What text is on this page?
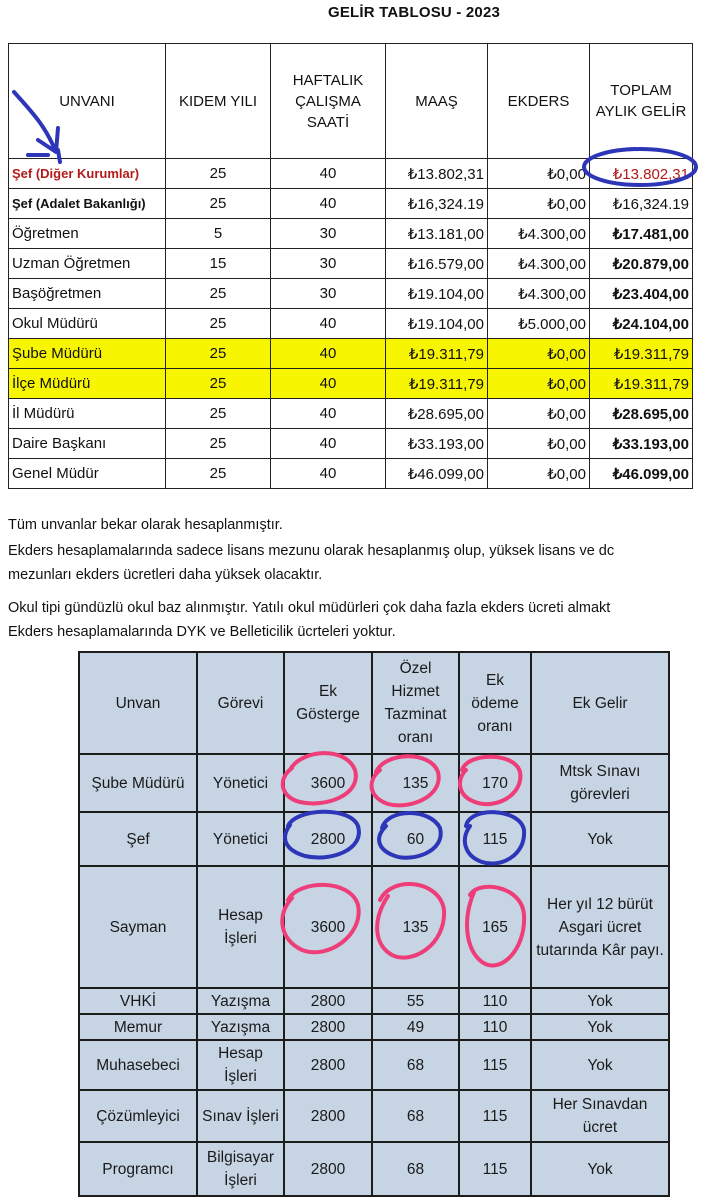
GELİR TABLOSU - 2023
UNVANI	KIDEM YILI	HAFTALIK ÇALIŞMA SAATİ	MAAŞ	EKDERS	TOPLAM AYLIK GELİR
Şef (Diğer Kurumlar)	25	40	₺13.802,31	₺0,00	₺13.802,31
Şef (Adalet Bakanlığı)	25	40	₺16,324.19	₺0,00	₺16,324.19
Öğretmen	5	30	₺13.181,00	₺4.300,00	₺17.481,00
Uzman Öğretmen	15	30	₺16.579,00	₺4.300,00	₺20.879,00
Başöğretmen	25	30	₺19.104,00	₺4.300,00	₺23.404,00
Okul Müdürü	25	40	₺19.104,00	₺5.000,00	₺24.104,00
Şube Müdürü	25	40	₺19.311,79	₺0,00	₺19.311,79
İlçe Müdürü	25	40	₺19.311,79	₺0,00	₺19.311,79
İl Müdürü	25	40	₺28.695,00	₺0,00	₺28.695,00
Daire Başkanı	25	40	₺33.193,00	₺0,00	₺33.193,00
Genel Müdür	25	40	₺46.099,00	₺0,00	₺46.099,00
Tüm unvanlar bekar olarak hesaplanmıştır.
Ekders hesaplamalarında sadece lisans mezunu olarak hesaplanmış olup, yüksek lisans ve dc
mezunları ekders ücretleri daha yüksek olacaktır.
Okul tipi gündüzlü okul baz alınmıştır. Yatılı okul müdürleri çok daha fazla ekders ücreti almakt
Ekders hesaplamalarında DYK ve Belleticilik ücrteleri yoktur.
Unvan	Görevi	Ek Gösterge	Özel Hizmet Tazminat oranı	Ek ödeme oranı	Ek Gelir
Şube Müdürü	Yönetici	3600	135	170	Mtsk Sınavı görevleri
Şef	Yönetici	2800	60	115	Yok
Sayman	Hesap İşleri	3600	135	165	Her yıl 12 bürüt Asgari ücret tutarında Kâr payı.
VHKİ	Yazışma	2800	55	110	Yok
Memur	Yazışma	2800	49	110	Yok
Muhasebeci	Hesap İşleri	2800	68	115	Yok
Çözümleyici	Sınav İşleri	2800	68	115	Her Sınavdan ücret
Programcı	Bilgisayar İşleri	2800	68	115	Yok
